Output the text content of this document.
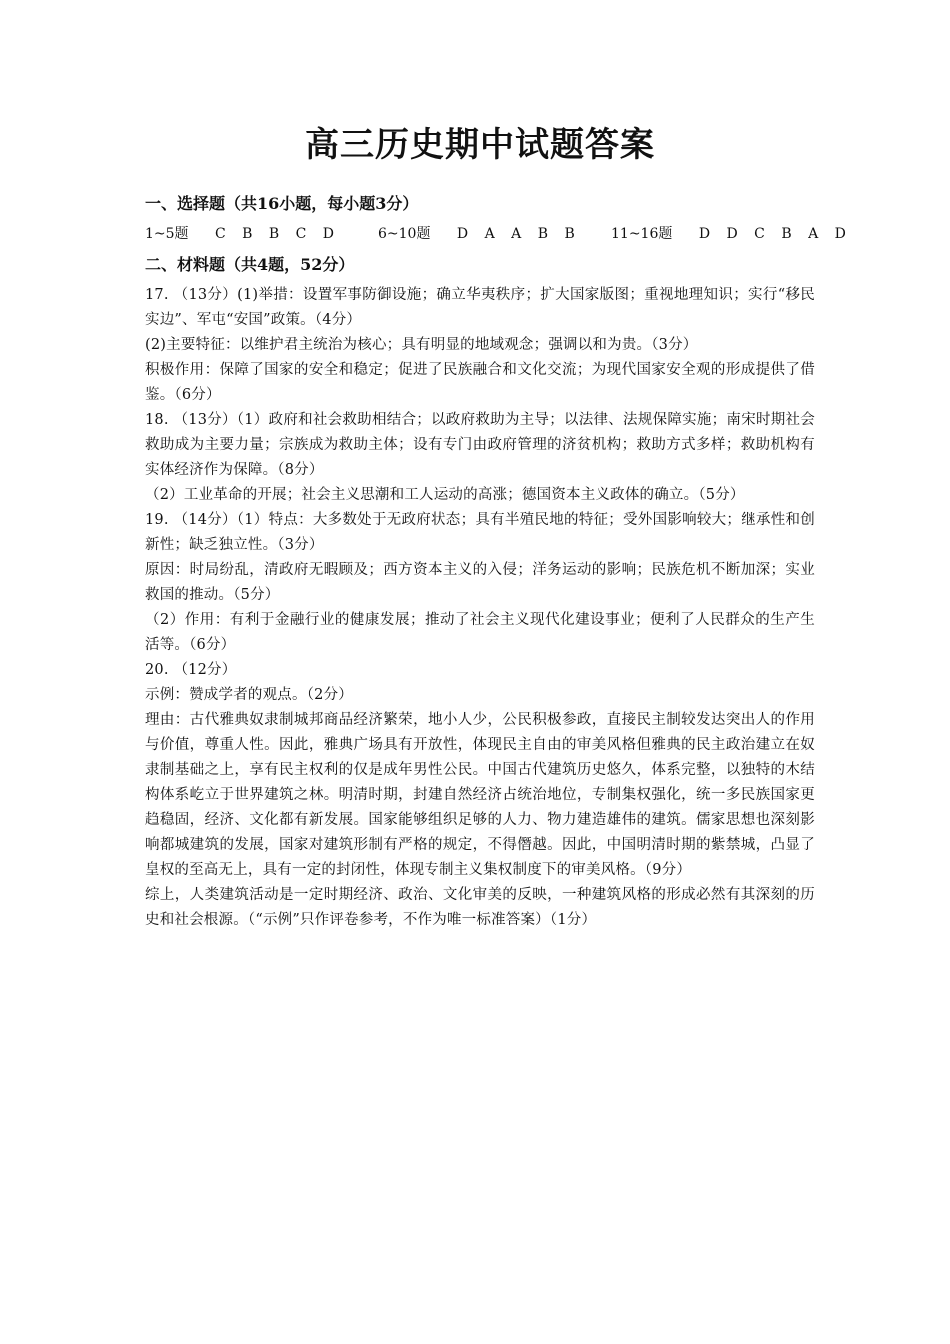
高三历史期中试题答案
一、选择题（共16小题，每小题3分）
1~5题 C B B C D	6~10题 D A A B B 11~16题 D D C B A D
二、材料题（共4题，52分）

17. （13分）(1)举措：设置军事防御设施；确立华夷秩序；扩大国家版图；重视地理知识；实行“移民实边”、军屯“安国”政策。（4分）

(2)主要特征：以维护君主统治为核心；具有明显的地域观念；强调以和为贵。（3分）

积极作用：保障了国家的安全和稳定；促进了民族融合和文化交流；为现代国家安全观的形成提供了借鉴。（6分）

18. （13分）（1）政府和社会救助相结合；以政府救助为主导；以法律、法规保障实施；南宋时期社会救助成为主要力量；宗族成为救助主体；设有专门由政府管理的济贫机构；救助方式多样；救助机构有实体经济作为保障。（8分）

（2）工业革命的开展；社会主义思潮和工人运动的高涨；德国资本主义政体的确立。（5分）

19. （14分）（1）特点：大多数处于无政府状态；具有半殖民地的特征；受外国影响较大；继承性和创新性；缺乏独立性。（3分）

原因：时局纷乱，清政府无暇顾及；西方资本主义的入侵；洋务运动的影响；民族危机不断加深；实业救国的推动。（5分）

（2）作用：有利于金融行业的健康发展；推动了社会主义现代化建设事业；便利了人民群众的生产生活等。（6分）

20. （12分）

示例：赞成学者的观点。（2分）

理由：古代雅典奴隶制城邦商品经济繁荣，地小人少，公民积极参政，直接民主制较发达突出人的作用与价值，尊重人性。因此，雅典广场具有开放性，体现民主自由的审美风格但雅典的民主政治建立在奴隶制基础之上，享有民主权利的仅是成年男性公民。中国古代建筑历史悠久，体系完整，以独特的木结构体系屹立于世界建筑之林。明清时期，封建自然经济占统治地位，专制集权强化，统一多民族国家更趋稳固，经济、文化都有新发展。国家能够组织足够的人力、物力建造雄伟的建筑。儒家思想也深刻影响都城建筑的发展，国家对建筑形制有严格的规定，不得僭越。因此，中国明清时期的紫禁城，凸显了皇权的至高无上，具有一定的封闭性，体现专制主义集权制度下的审美风格。（9分）

综上，人类建筑活动是一定时期经济、政治、文化审美的反映，一种建筑风格的形成必然有其深刻的历史和社会根源。（“示例”只作评卷参考，不作为唯一标准答案）（1分）
